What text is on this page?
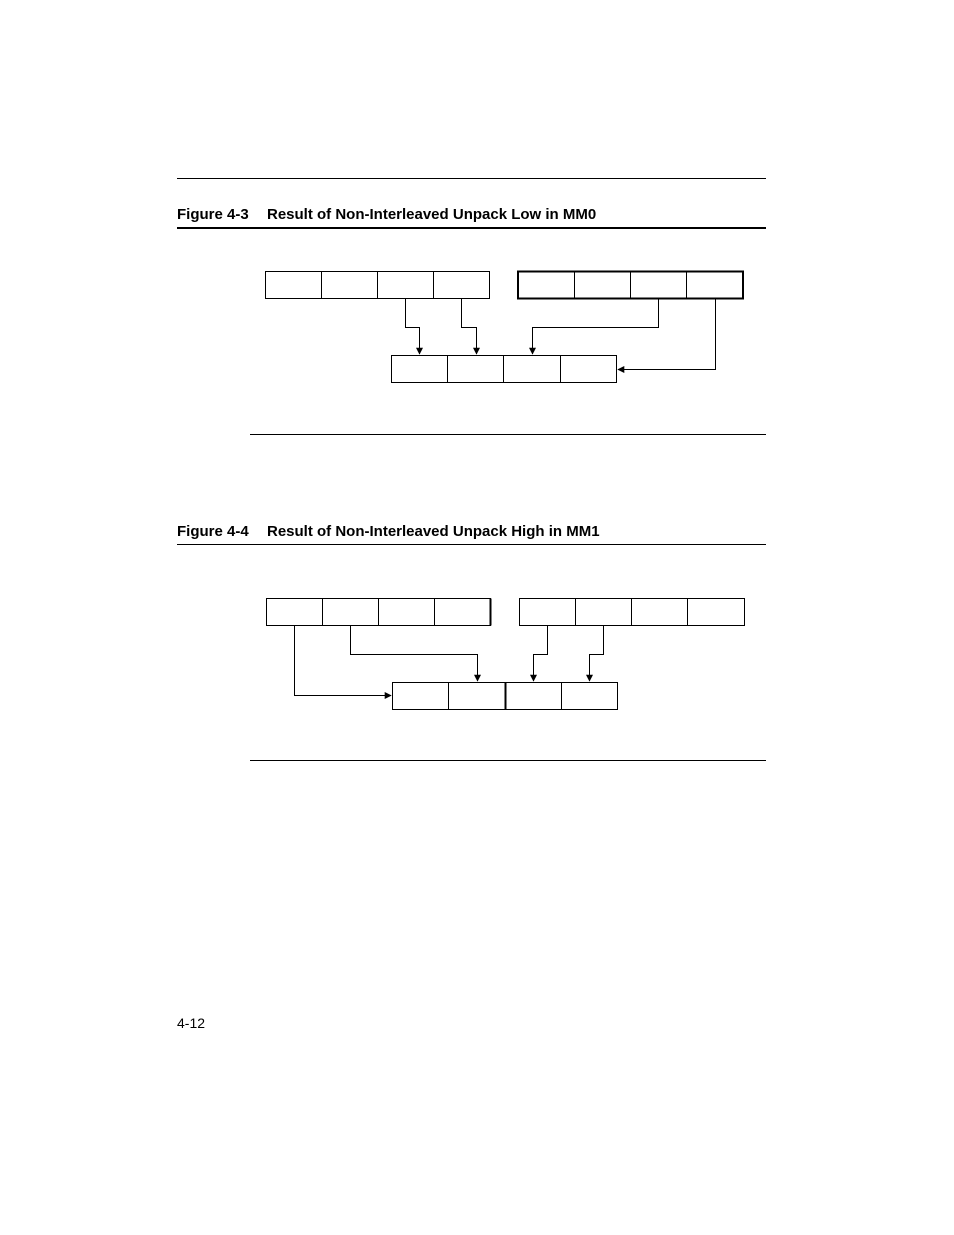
Figure 4-3 Result of Non-Interleaved Unpack Low in MM0
Figure 4-4 Result of Non-Interleaved Unpack High in MM1
4-12
